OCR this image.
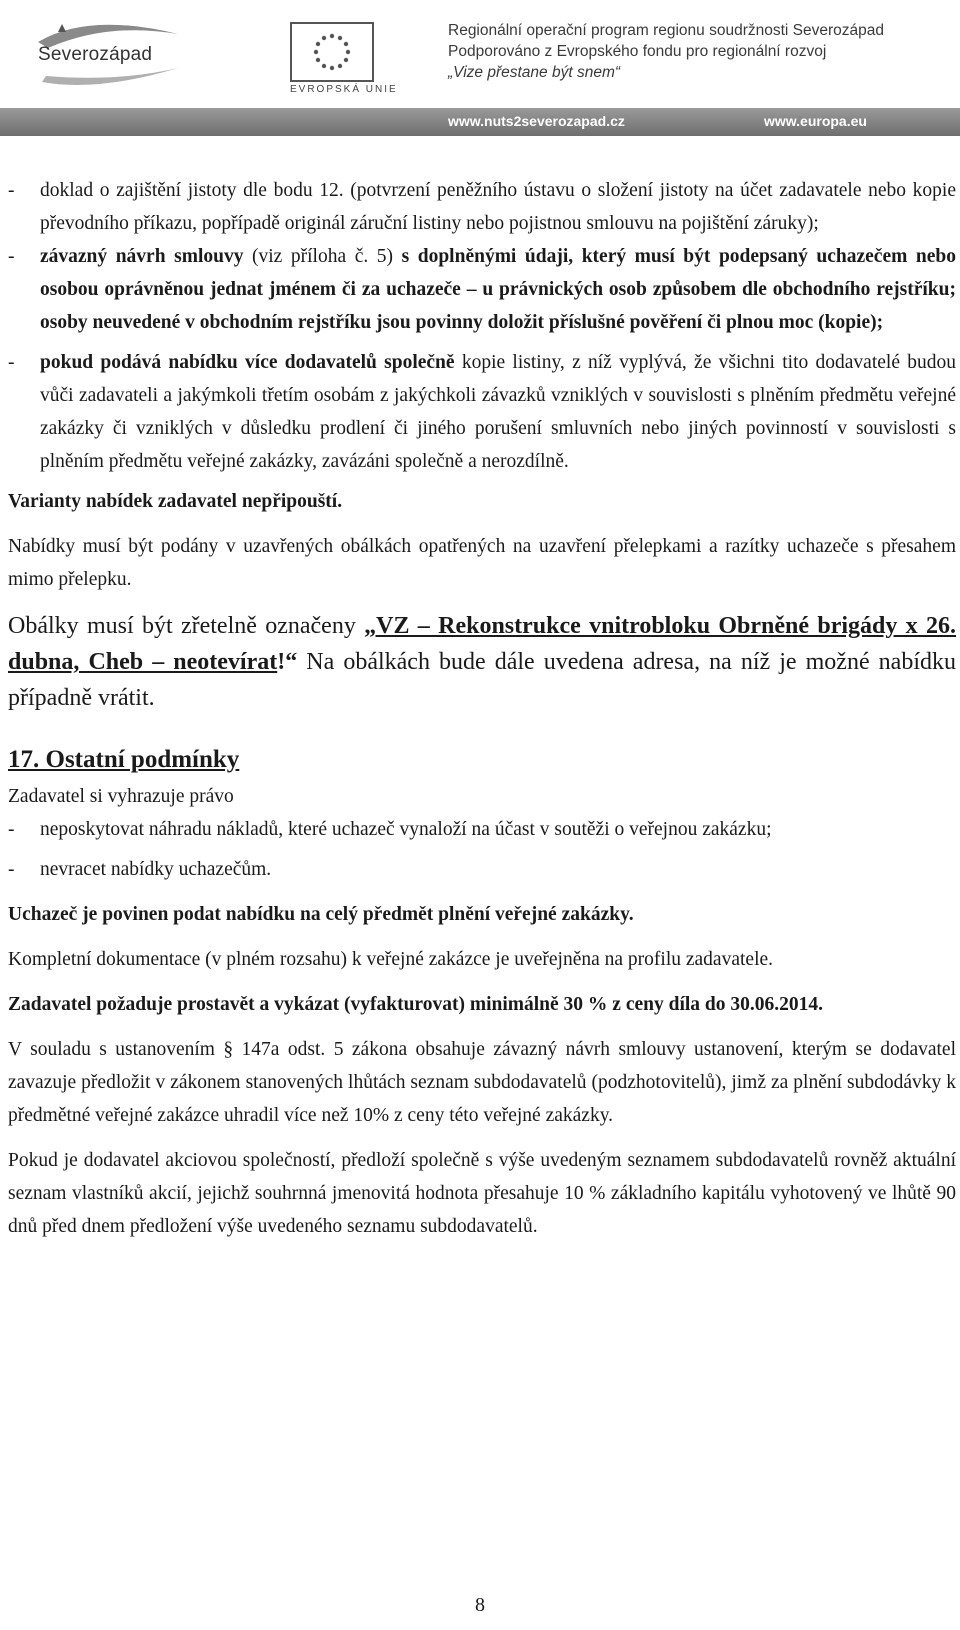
Severozápad
EVROPSKÁ UNIE
Regionální operační program regionu soudržnosti Severozápad
Podporováno z Evropského fondu pro regionální rozvoj
„Vize přestane být snem“
www.nuts2severozapad.cz	www.europa.eu
-	doklad o zajištění jistoty dle bodu 12. (potvrzení peněžního ústavu o složení jistoty na účet zadavatele nebo kopie převodního příkazu, popřípadě originál záruční listiny nebo pojistnou smlouvu na pojištění záruky);
-	závazný návrh smlouvy (viz příloha č. 5) s doplněnými údaji, který musí být podepsaný uchazečem nebo osobou oprávněnou jednat jménem či za uchazeče – u právnických osob způsobem dle obchodního rejstříku; osoby neuvedené v obchodním rejstříku jsou povinny doložit příslušné pověření či plnou moc (kopie);
-	pokud podává nabídku více dodavatelů společně kopie listiny, z níž vyplývá, že všichni tito dodavatelé budou vůči zadavateli a jakýmkoli třetím osobám z jakýchkoli závazků vzniklých v souvislosti s plněním předmětu veřejné zakázky či vzniklých v důsledku prodlení či jiného porušení smluvních nebo jiných povinností v souvislosti s plněním předmětu veřejné zakázky, zavázáni společně a nerozdílně.

Varianty nabídek zadavatel nepřipouští.

Nabídky musí být podány v uzavřených obálkách opatřených na uzavření přelepkami a razítky uchazeče s přesahem mimo přelepku.

Obálky musí být zřetelně označeny „VZ – Rekonstrukce vnitrobloku Obrněné brigády x 26. dubna, Cheb – neotevírat!“ Na obálkách bude dále uvedena adresa, na níž je možné nabídku případně vrátit.

17. Ostatní podmínky

Zadavatel si vyhrazuje právo

-	neposkytovat náhradu nákladů, které uchazeč vynaloží na účast v soutěži o veřejnou zakázku;
-	nevracet nabídky uchazečům.

Uchazeč je povinen podat nabídku na celý předmět plnění veřejné zakázky.

Kompletní dokumentace (v plném rozsahu) k veřejné zakázce je uveřejněna na profilu zadavatele.

Zadavatel požaduje prostavět a vykázat (vyfakturovat) minimálně 30 % z ceny díla do 30.06.2014.

V souladu s ustanovením § 147a odst. 5 zákona obsahuje závazný návrh smlouvy ustanovení, kterým se dodavatel zavazuje předložit v zákonem stanovených lhůtách seznam subdodavatelů (podzhotovitelů), jimž za plnění subdodávky k předmětné veřejné zakázce uhradil více než 10% z ceny této veřejné zakázky.

Pokud je dodavatel akciovou společností, předloží společně s výše uvedeným seznamem subdodavatelů rovněž aktuální seznam vlastníků akcií, jejichž souhrnná jmenovitá hodnota přesahuje 10 % základního kapitálu vyhotovený ve lhůtě 90 dnů před dnem předložení výše uvedeného seznamu subdodavatelů.

8
